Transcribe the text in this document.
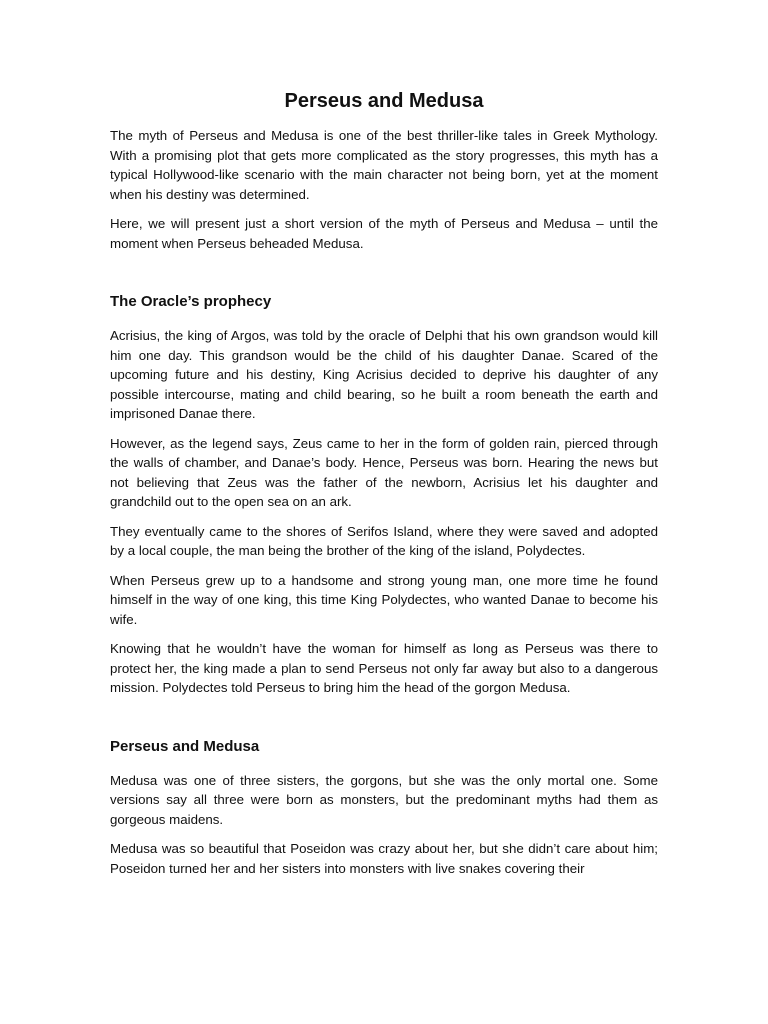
Perseus and Medusa

The myth of Perseus and Medusa is one of the best thriller-like tales in Greek Mythology. With a promising plot that gets more complicated as the story progresses, this myth has a typical Hollywood-like scenario with the main character not being born, yet at the moment when his destiny was determined.

Here, we will present just a short version of the myth of Perseus and Medusa – until the moment when Perseus beheaded Medusa.

The Oracle’s prophecy

Acrisius, the king of Argos, was told by the oracle of Delphi that his own grandson would kill him one day. This grandson would be the child of his daughter Danae. Scared of the upcoming future and his destiny, King Acrisius decided to deprive his daughter of any possible intercourse, mating and child bearing, so he built a room beneath the earth and imprisoned Danae there.

However, as the legend says, Zeus came to her in the form of golden rain, pierced through the walls of chamber, and Danae’s body. Hence, Perseus was born. Hearing the news but not believing that Zeus was the father of the newborn, Acrisius let his daughter and grandchild out to the open sea on an ark.

They eventually came to the shores of Serifos Island, where they were saved and adopted by a local couple, the man being the brother of the king of the island, Polydectes.

When Perseus grew up to a handsome and strong young man, one more time he found himself in the way of one king, this time King Polydectes, who wanted Danae to become his wife.

Knowing that he wouldn’t have the woman for himself as long as Perseus was there to protect her, the king made a plan to send Perseus not only far away but also to a dangerous mission. Polydectes told Perseus to bring him the head of the gorgon Medusa.

Perseus and Medusa

Medusa was one of three sisters, the gorgons, but she was the only mortal one. Some versions say all three were born as monsters, but the predominant myths had them as gorgeous maidens.

Medusa was so beautiful that Poseidon was crazy about her, but she didn’t care about him; Poseidon turned her and her sisters into monsters with live snakes covering their
